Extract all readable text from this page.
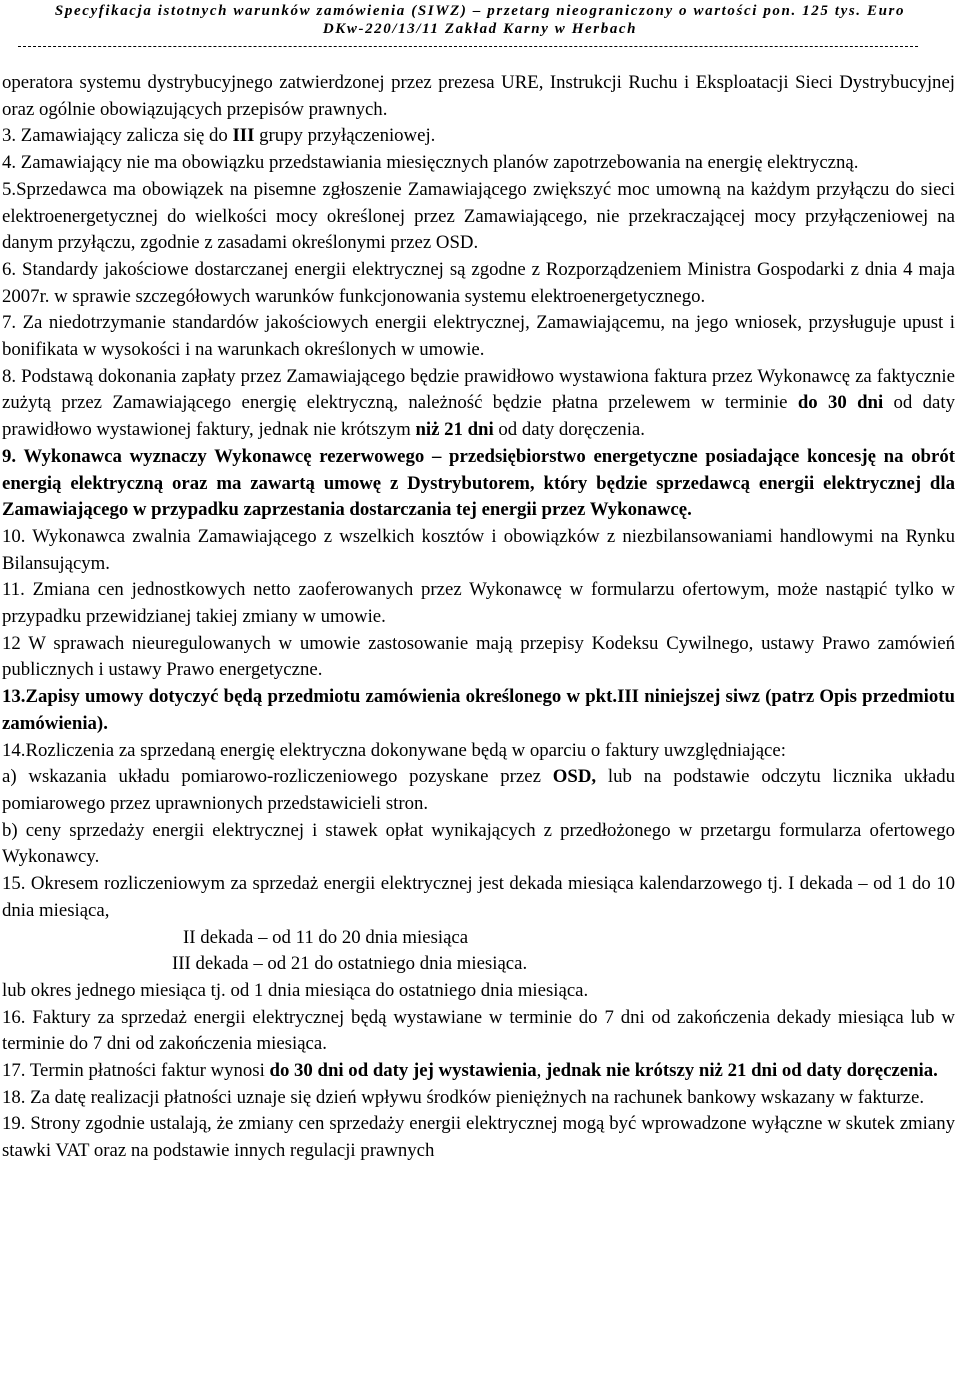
Specyfikacja istotnych warunków zamówienia (SIWZ) – przetarg nieograniczony o wartości pon. 125 tys. Euro
DKw-220/13/11 Zakład Karny w Herbach
operatora systemu dystrybucyjnego zatwierdzonej przez prezesa URE, Instrukcji Ruchu i Eksploatacji Sieci Dystrybucyjnej oraz ogólnie obowiązujących przepisów prawnych.
3. Zamawiający zalicza się do III grupy przyłączeniowej.
4. Zamawiający nie ma obowiązku przedstawiania miesięcznych planów zapotrzebowania na energię elektryczną.
5.Sprzedawca ma obowiązek na pisemne zgłoszenie Zamawiającego zwiększyć moc umowną na każdym przyłączu do sieci elektroenergetycznej do wielkości mocy określonej przez Zamawiającego, nie przekraczającej mocy przyłączeniowej na danym przyłączu, zgodnie z zasadami określonymi przez OSD.
6. Standardy jakościowe dostarczanej energii elektrycznej są zgodne z Rozporządzeniem Ministra Gospodarki z dnia 4 maja 2007r. w sprawie szczegółowych warunków funkcjonowania systemu elektroenergetycznego.
7. Za niedotrzymanie standardów jakościowych energii elektrycznej, Zamawiającemu, na jego wniosek, przysługuje upust i bonifikata w wysokości i na warunkach określonych w umowie.
8. Podstawą dokonania zapłaty przez Zamawiającego będzie prawidłowo wystawiona faktura przez Wykonawcę za faktycznie zużytą przez Zamawiającego energię elektryczną, należność będzie płatna przelewem w terminie do 30 dni od daty prawidłowo wystawionej faktury, jednak nie krótszym niż 21 dni od daty doręczenia.
9. Wykonawca wyznaczy Wykonawcę rezerwowego – przedsiębiorstwo energetyczne posiadające koncesję na obrót energią elektryczną oraz ma zawartą umowę z Dystrybutorem, który będzie sprzedawcą energii elektrycznej dla Zamawiającego w przypadku zaprzestania dostarczania tej energii przez Wykonawcę.
10. Wykonawca zwalnia Zamawiającego z wszelkich kosztów i obowiązków z niezbilansowaniami handlowymi na Rynku Bilansującym.
11. Zmiana cen jednostkowych netto zaoferowanych przez Wykonawcę w formularzu ofertowym, może nastąpić tylko w przypadku przewidzianej takiej zmiany w umowie.
12 W sprawach nieuregulowanych w umowie zastosowanie mają przepisy Kodeksu Cywilnego, ustawy Prawo zamówień publicznych i ustawy Prawo energetyczne.
13.Zapisy umowy dotyczyć będą przedmiotu zamówienia określonego w pkt.III niniejszej siwz (patrz Opis przedmiotu zamówienia).
14.Rozliczenia za sprzedaną energię elektryczna dokonywane będą w oparciu o faktury uwzględniające:
a) wskazania układu pomiarowo-rozliczeniowego pozyskane przez OSD, lub na podstawie odczytu licznika układu pomiarowego przez uprawnionych przedstawicieli stron.
b) ceny sprzedaży energii elektrycznej i stawek opłat wynikających z przedłożonego w przetargu formularza ofertowego Wykonawcy.
15. Okresem rozliczeniowym za sprzedaż energii elektrycznej jest dekada miesiąca kalendarzowego tj. I dekada – od 1 do 10 dnia miesiąca,
II dekada – od 11 do 20 dnia miesiąca
III dekada – od 21 do ostatniego dnia miesiąca.
lub okres jednego miesiąca tj. od 1 dnia miesiąca do ostatniego dnia miesiąca.
16. Faktury za sprzedaż energii elektrycznej będą wystawiane w terminie do 7 dni od zakończenia dekady miesiąca lub w terminie do 7 dni od zakończenia miesiąca.
17. Termin płatności faktur wynosi do 30 dni od daty jej wystawienia, jednak nie krótszy niż 21 dni od daty doręczenia.
18. Za datę realizacji płatności uznaje się dzień wpływu środków pieniężnych na rachunek bankowy wskazany w fakturze.
19. Strony zgodnie ustalają, że zmiany cen sprzedaży energii elektrycznej mogą być wprowadzone wyłączne w skutek zmiany stawki VAT oraz na podstawie innych regulacji prawnych
